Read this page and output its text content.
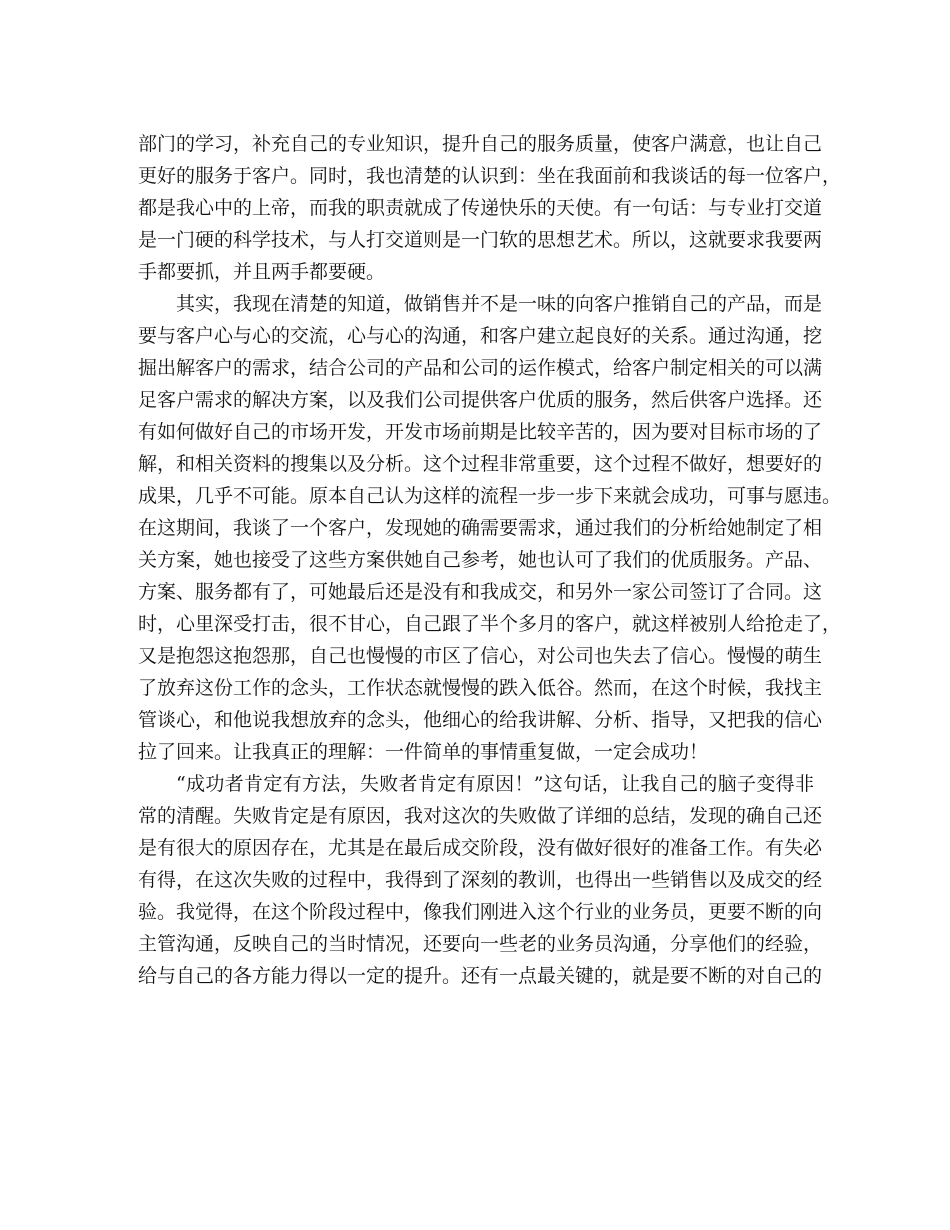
部门的学习，补充自己的专业知识，提升自己的服务质量，使客户满意，也让自己
更好的服务于客户。同时，我也清楚的认识到：坐在我面前和我谈话的每一位客户，
都是我心中的上帝，而我的职责就成了传递快乐的天使。有一句话：与专业打交道
是一门硬的科学技术，与人打交道则是一门软的思想艺术。所以，这就要求我要两
手都要抓，并且两手都要硬。
其实，我现在清楚的知道，做销售并不是一味的向客户推销自己的产品，而是
要与客户心与心的交流，心与心的沟通，和客户建立起良好的关系。通过沟通，挖
掘出解客户的需求，结合公司的产品和公司的运作模式，给客户制定相关的可以满
足客户需求的解决方案，以及我们公司提供客户优质的服务，然后供客户选择。还
有如何做好自己的市场开发，开发市场前期是比较辛苦的，因为要对目标市场的了
解，和相关资料的搜集以及分析。这个过程非常重要，这个过程不做好，想要好的
成果，几乎不可能。原本自己认为这样的流程一步一步下来就会成功，可事与愿违。
在这期间，我谈了一个客户，发现她的确需要需求，通过我们的分析给她制定了相
关方案，她也接受了这些方案供她自己参考，她也认可了我们的优质服务。产品、
方案、服务都有了，可她最后还是没有和我成交，和另外一家公司签订了合同。这
时，心里深受打击，很不甘心，自己跟了半个多月的客户，就这样被别人给抢走了，
又是抱怨这抱怨那，自己也慢慢的市区了信心，对公司也失去了信心。慢慢的萌生
了放弃这份工作的念头，工作状态就慢慢的跌入低谷。然而，在这个时候，我找主
管谈心，和他说我想放弃的念头，他细心的给我讲解、分析、指导，又把我的信心
拉了回来。让我真正的理解：一件简单的事情重复做，一定会成功！
“成功者肯定有方法，失败者肯定有原因！”这句话，让我自己的脑子变得非
常的清醒。失败肯定是有原因，我对这次的失败做了详细的总结，发现的确自己还
是有很大的原因存在，尤其是在最后成交阶段，没有做好很好的准备工作。有失必
有得，在这次失败的过程中，我得到了深刻的教训，也得出一些销售以及成交的经
验。我觉得，在这个阶段过程中，像我们刚进入这个行业的业务员，更要不断的向
主管沟通，反映自己的当时情况，还要向一些老的业务员沟通，分享他们的经验，
给与自己的各方能力得以一定的提升。还有一点最关键的，就是要不断的对自己的
